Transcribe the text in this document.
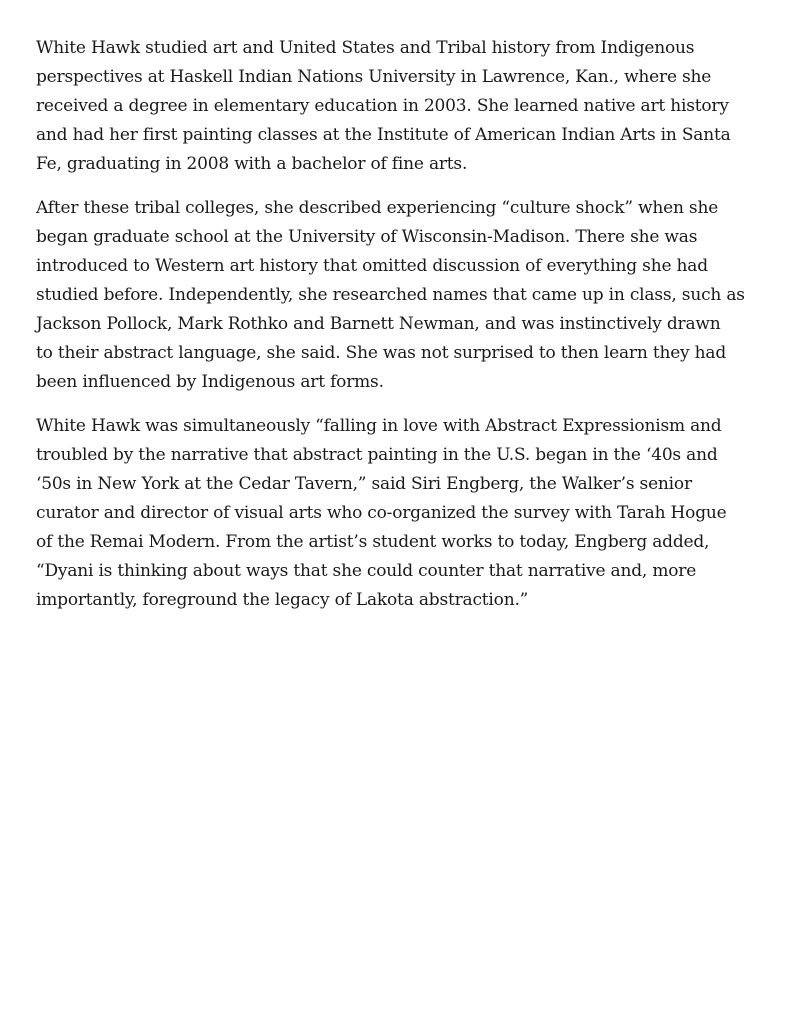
White Hawk studied art and United States and Tribal history from Indigenous
perspectives at Haskell Indian Nations University in Lawrence, Kan., where she
received a degree in elementary education in 2003. She learned native art history
and had her first painting classes at the Institute of American Indian Arts in Santa
Fe, graduating in 2008 with a bachelor of fine arts.

After these tribal colleges, she described experiencing “culture shock” when she
began graduate school at the University of Wisconsin-Madison. There she was
introduced to Western art history that omitted discussion of everything she had
studied before. Independently, she researched names that came up in class, such as
Jackson Pollock, Mark Rothko and Barnett Newman, and was instinctively drawn
to their abstract language, she said. She was not surprised to then learn they had
been influenced by Indigenous art forms.

White Hawk was simultaneously “falling in love with Abstract Expressionism and
troubled by the narrative that abstract painting in the U.S. began in the ‘40s and
‘50s in New York at the Cedar Tavern,” said Siri Engberg, the Walker’s senior
curator and director of visual arts who co-organized the survey with Tarah Hogue
of the Remai Modern. From the artist’s student works to today, Engberg added,
“Dyani is thinking about ways that she could counter that narrative and, more
importantly, foreground the legacy of Lakota abstraction.”
